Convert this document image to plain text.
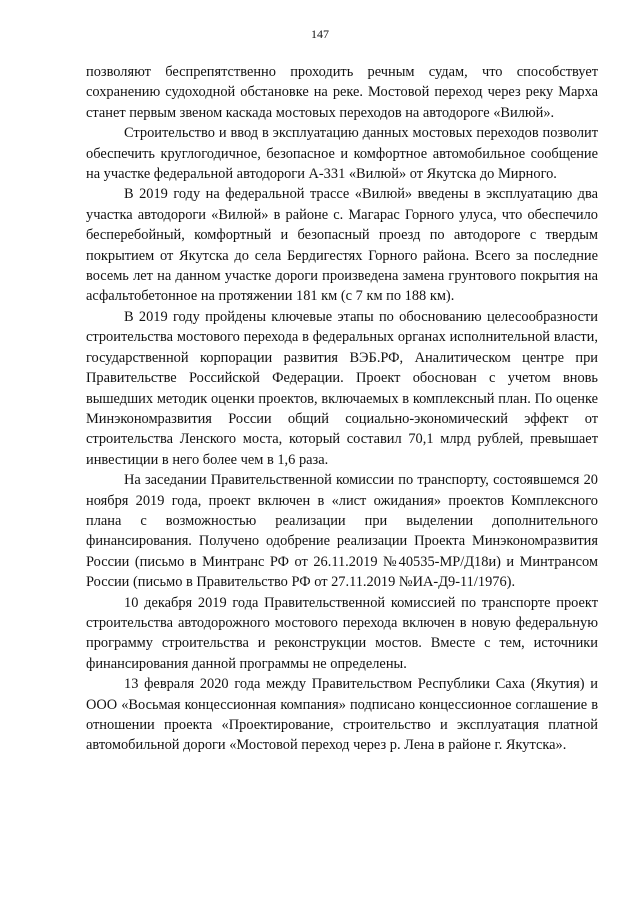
147

позволяют беспрепятственно проходить речным судам, что способствует сохранению судоходной обстановке на реке. Мостовой переход через реку Марха станет первым звеном каскада мостовых переходов на автодороге «Вилюй».

Строительство и ввод в эксплуатацию данных мостовых переходов позволит обеспечить круглогодичное, безопасное и комфортное автомобильное сообщение на участке федеральной автодороги А-331 «Вилюй» от Якутска до Мирного.

В 2019 году на федеральной трассе «Вилюй» введены в эксплуатацию два участка автодороги «Вилюй» в районе с. Магарас Горного улуса, что обеспечило бесперебойный, комфортный и безопасный проезд по автодороге с твердым покрытием от Якутска до села Бердигестях Горного района. Всего за последние восемь лет на данном участке дороги произведена замена грунтового покрытия на асфальтобетонное на протяжении 181 км (с 7 км по 188 км).

В 2019 году пройдены ключевые этапы по обоснованию целесообразности строительства мостового перехода в федеральных органах исполнительной власти, государственной корпорации развития ВЭБ.РФ, Аналитическом центре при Правительстве Российской Федерации. Проект обоснован с учетом вновь вышедших методик оценки проектов, включаемых в комплексный план. По оценке Минэкономразвития России общий социально-экономический эффект от строительства Ленского моста, который составил 70,1 млрд рублей, превышает инвестиции в него более чем в 1,6 раза.

На заседании Правительственной комиссии по транспорту, состоявшемся 20 ноября 2019 года, проект включен в «лист ожидания» проектов Комплексного плана с возможностью реализации при выделении дополнительного финансирования. Получено одобрение реализации Проекта Минэкономразвития России (письмо в Минтранс РФ от 26.11.2019 №40535-МР/Д18и) и Минтрансом России (письмо в Правительство РФ от 27.11.2019 №ИА-Д9-11/1976).

10 декабря 2019 года Правительственной комиссией по транспорте проект строительства автодорожного мостового перехода включен в новую федеральную программу строительства и реконструкции мостов. Вместе с тем, источники финансирования данной программы не определены.

13 февраля 2020 года между Правительством Республики Саха (Якутия) и ООО «Восьмая концессионная компания» подписано концессионное соглашение в отношении проекта «Проектирование, строительство и эксплуатация платной автомобильной дороги «Мостовой переход через р. Лена в районе г. Якутска».
